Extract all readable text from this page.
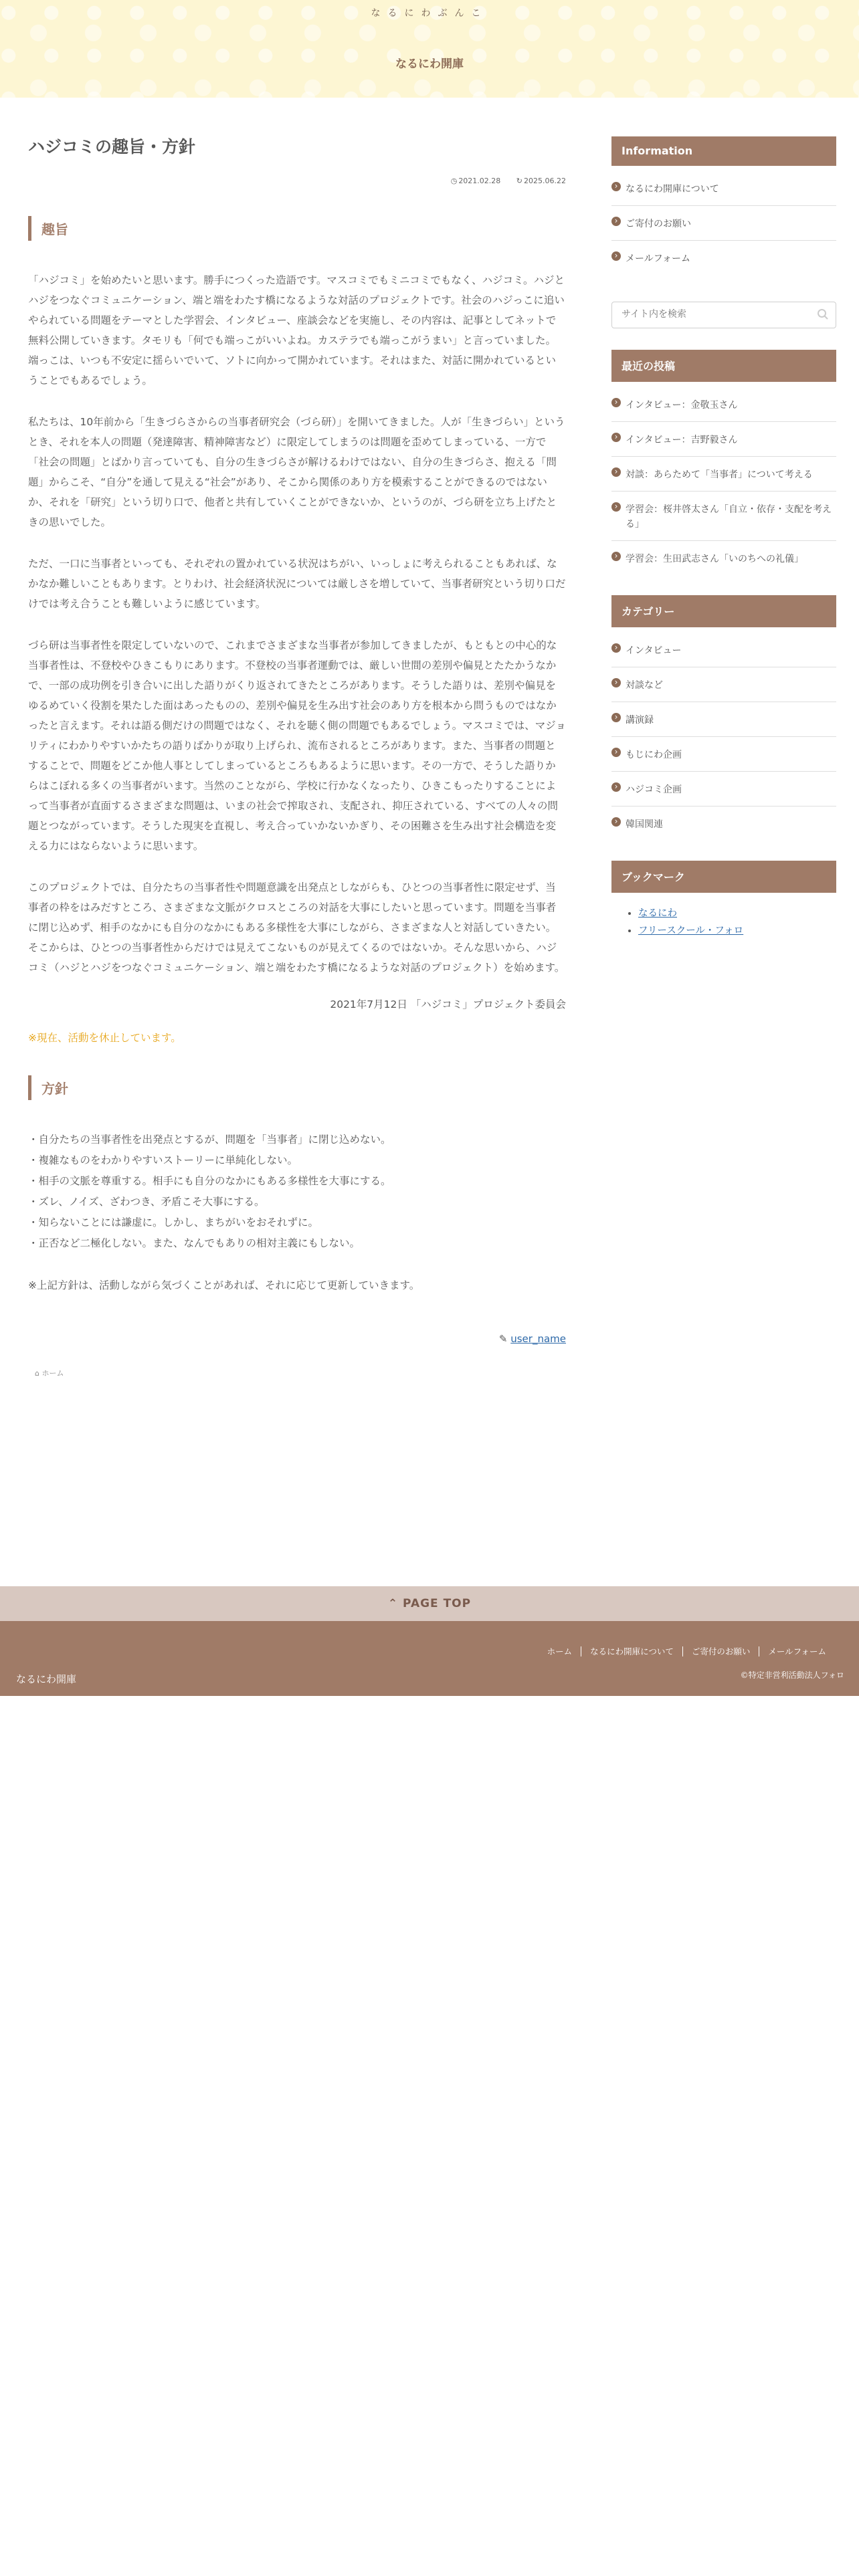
なるにわぶんこ
なるにわ開庫
ハジコミの趣旨・方針
◷ 2021.02.28 ↻ 2025.06.22
趣旨

「ハジコミ」を始めたいと思います。勝手につくった造語です。マスコミでもミニコミでもなく、ハジコミ。ハジとハジをつなぐコミュニケーション、端と端をわたす橋になるような対話のプロジェクトです。社会のハジっこに追いやられている問題をテーマとした学習会、インタビュー、座談会などを実施し、その内容は、記事としてネットで無料公開していきます。タモリも「何でも端っこがいいよね。カステラでも端っこがうまい」と言っていました。端っこは、いつも不安定に揺らいでいて、ソトに向かって開かれています。それはまた、対話に開かれているということでもあるでしょう。

私たちは、10年前から「生きづらさからの当事者研究会（づら研）」を開いてきました。人が「生きづらい」というとき、それを本人の問題（発達障害、精神障害など）に限定してしまうのは問題を歪めてしまっている、一方で「社会の問題」とばかり言っていても、自分の生きづらさが解けるわけではない、自分の生きづらさ、抱える「問題」からこそ、“自分”を通して見える“社会”があり、そこから関係のあり方を模索することができるのではないか、それを「研究」という切り口で、他者と共有していくことができないか、というのが、づら研を立ち上げたときの思いでした。

ただ、一口に当事者といっても、それぞれの置かれている状況はちがい、いっしょに考えられることもあれば、なかなか難しいこともあります。とりわけ、社会経済状況については厳しさを増していて、当事者研究という切り口だけでは考え合うことも難しいように感じています。

づら研は当事者性を限定していないので、これまでさまざまな当事者が参加してきましたが、もともとの中心的な当事者性は、不登校やひきこもりにあります。不登校の当事者運動では、厳しい世間の差別や偏見とたたかうなかで、一部の成功例を引き合いに出した語りがくり返されてきたところがあります。そうした語りは、差別や偏見をゆるめていく役割を果たした面はあったものの、差別や偏見を生み出す社会のあり方を根本から問うものではなかったと言えます。それは語る側だけの問題ではなく、それを聴く側の問題でもあるでしょう。マスコミでは、マジョリティにわかりやすいかたちの語りばかりが取り上げられ、流布されるところがあります。また、当事者の問題とすることで、問題をどこか他人事としてしまっているところもあるように思います。その一方で、そうした語りからはこぼれる多くの当事者がいます。当然のことながら、学校に行かなくなったり、ひきこもったりすることによって当事者が直面するさまざまな問題は、いまの社会で搾取され、支配され、抑圧されている、すべての人々の問題とつながっています。そうした現実を直視し、考え合っていかないかぎり、その困難さを生み出す社会構造を変える力にはならないように思います。

このプロジェクトでは、自分たちの当事者性や問題意識を出発点としながらも、ひとつの当事者性に限定せず、当事者の枠をはみだすところ、さまざまな文脈がクロスところの対話を大事にしたいと思っています。問題を当事者に閉じ込めず、相手のなかにも自分のなかにもある多様性を大事にしながら、さまざまな人と対話していきたい。そこからは、ひとつの当事者性からだけでは見えてこないものが見えてくるのではないか。そんな思いから、ハジコミ（ハジとハジをつなぐコミュニケーション、端と端をわたす橋になるような対話のプロジェクト）を始めます。

2021年7月12日 「ハジコミ」プロジェクト委員会
※現在、活動を休止しています。
方針
・自分たちの当事者性を出発点とするが、問題を「当事者」に閉じ込めない。
・複雑なものをわかりやすいストーリーに単純化しない。
・相手の文脈を尊重する。相手にも自分のなかにもある多様性を大事にする。
・ズレ、ノイズ、ざわつき、矛盾こそ大事にする。
・知らないことには謙虚に。しかし、まちがいをおそれずに。
・正否など二極化しない。また、なんでもありの相対主義にもしない。

※上記方針は、活動しながら気づくことがあれば、それに応じて更新していきます。

✎ user_name
⌂ ホーム
Information
› なるにわ開庫について
› ご寄付のお願い
› メールフォーム
サイト内を検索
最近の投稿
› インタビュー：金敬玉さん
› インタビュー：吉野毅さん
› 対談：あらためて「当事者」について考える
› 学習会：桜井啓太さん「自立・依存・支配を考える」
› 学習会：生田武志さん「いのちへの礼儀」
カテゴリー
› インタビュー
› 対談など
› 講演録
› もじにわ企画
› ハジコミ企画
› 韓国関連
ブックマーク
• なるにわ
• フリースクール・フォロ
⌃ PAGE TOP
ホーム なるにわ開庫について ご寄付のお願い メールフォーム
なるにわ開庫	©特定非営利活動法人フォロ
